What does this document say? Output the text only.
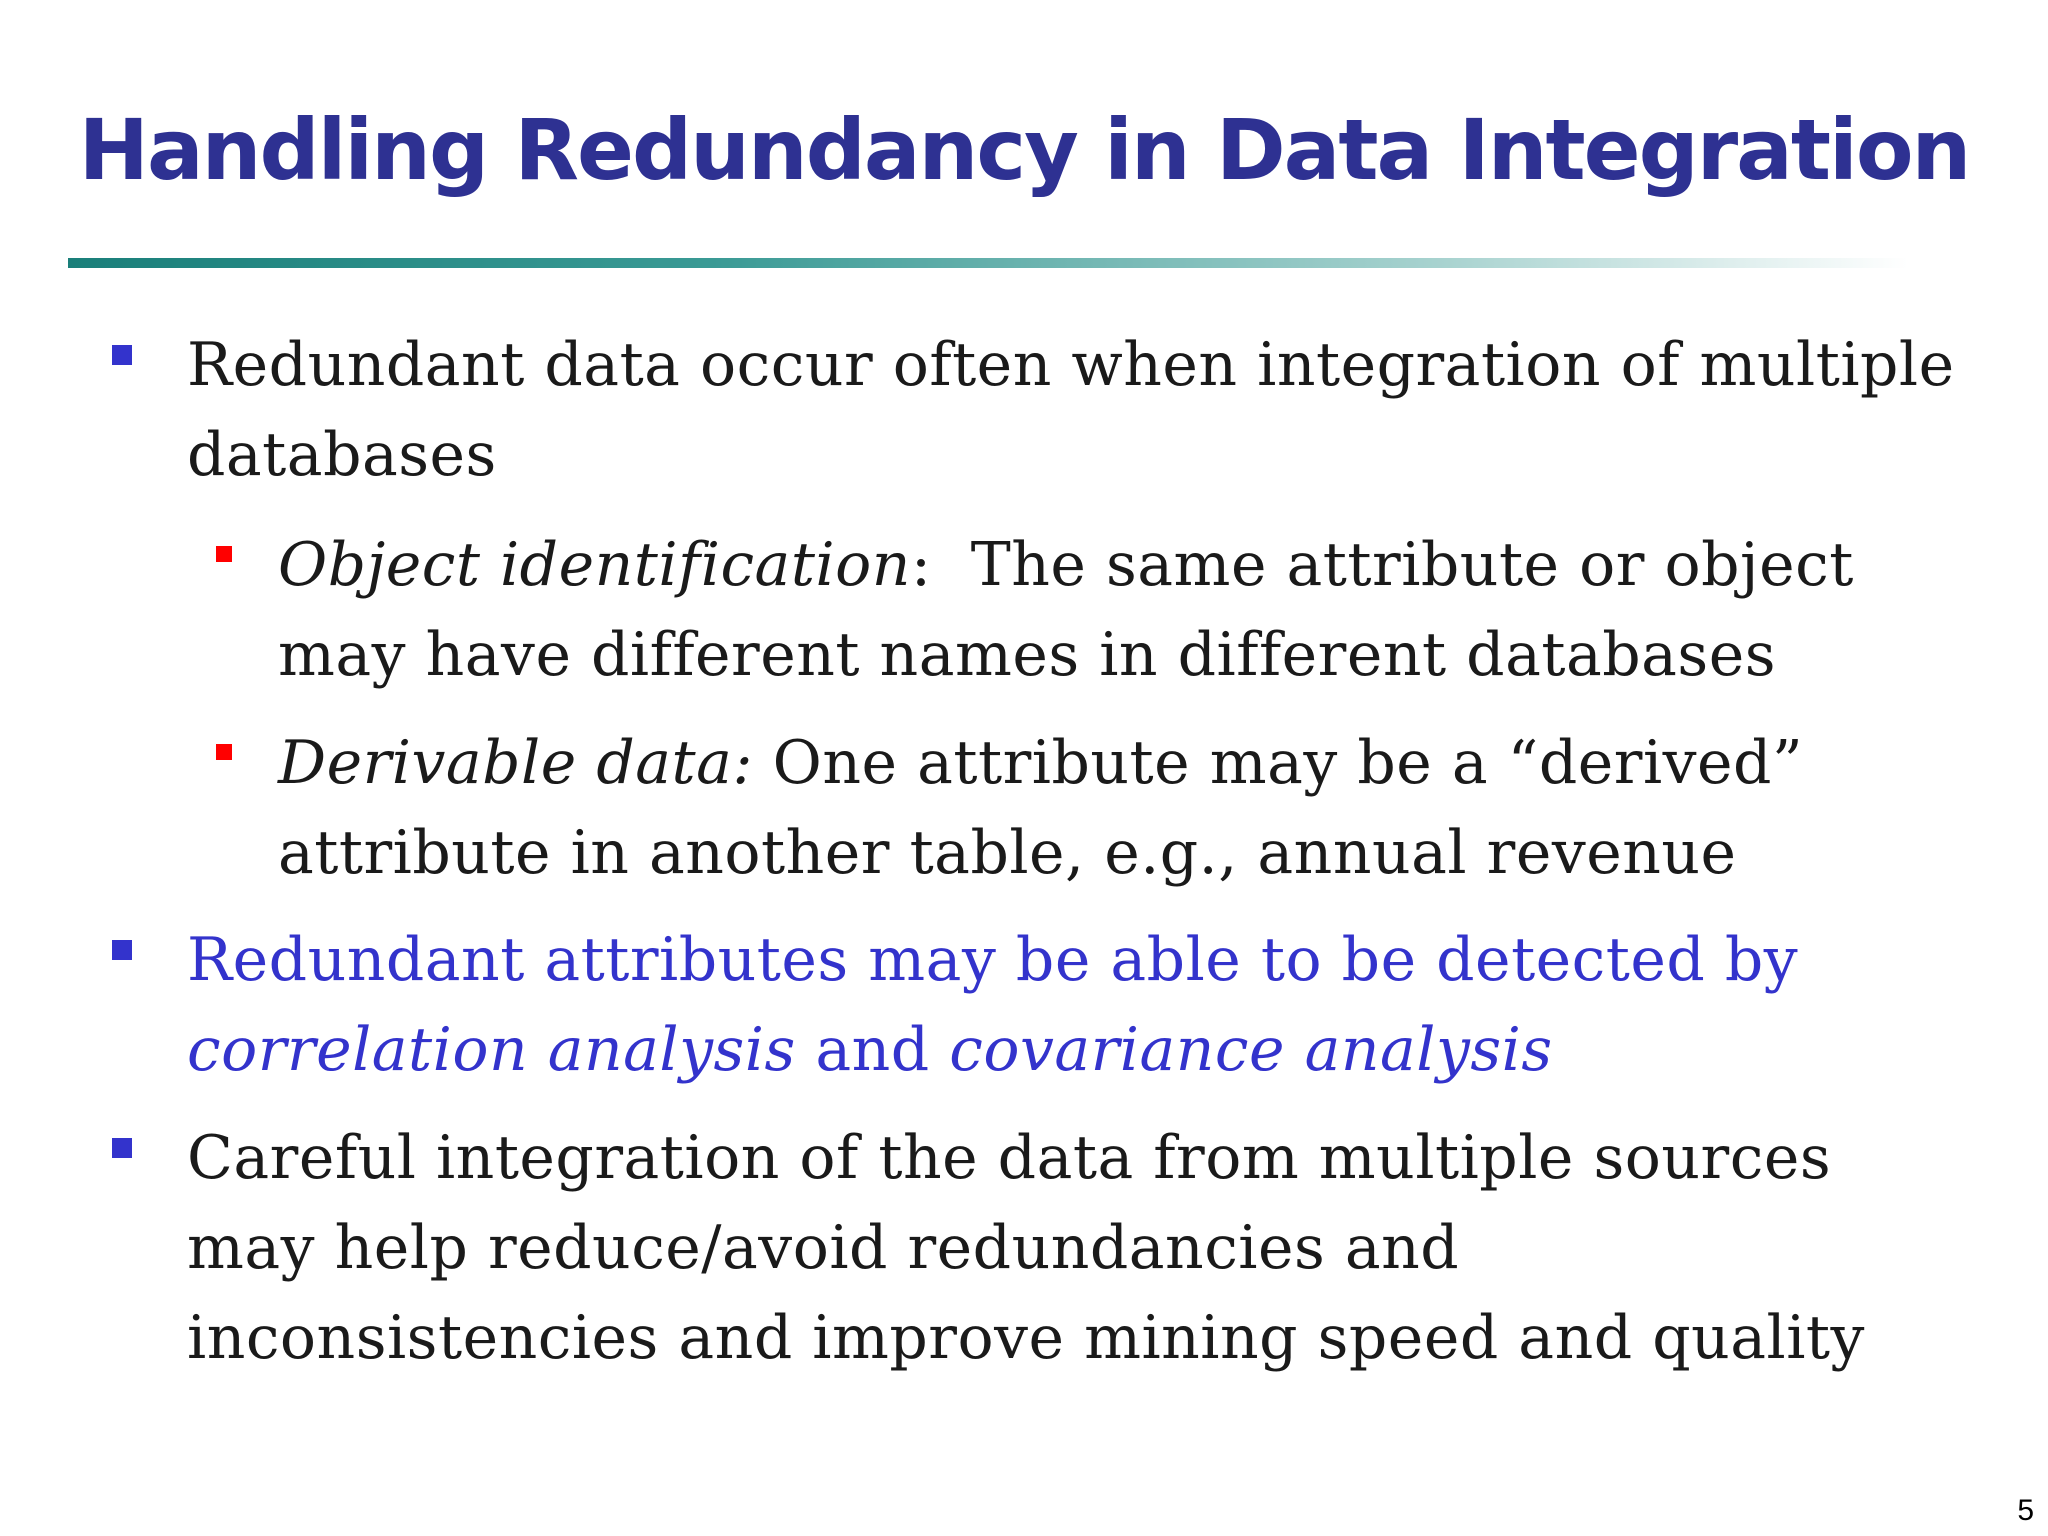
Handling Redundancy in Data Integration
Redundant data occur often when integration of multiple
databases
Object identification:  The same attribute or object
may have different names in different databases
Derivable data: One attribute may be a “derived”
attribute in another table, e.g., annual revenue
Redundant attributes may be able to be detected by
correlation analysis and covariance analysis
Careful integration of the data from multiple sources
may help reduce/avoid redundancies and
inconsistencies and improve mining speed and quality
5
